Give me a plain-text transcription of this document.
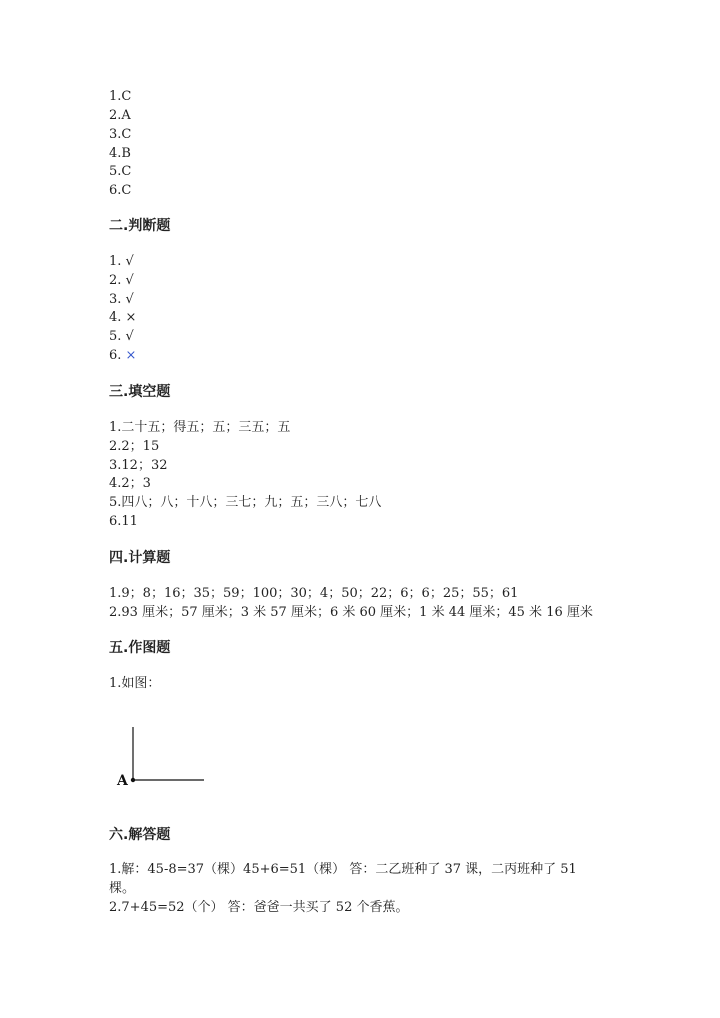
1.C
2.A
3.C
4.B
5.C
6.C
二.判断题
1. √
2. √
3. √
4. ×
5. √
6. ×
三.填空题
1.二十五；得五；五；三五；五
2.2；15
3.12；32
4.2；3
5.四八；八；十八；三七；九；五；三八；七八
6.11
四.计算题
1.9；8；16；35；59；100；30；4；50；22；6；6；25；55；61
2.93 厘米；57 厘米；3 米 57 厘米；6 米 60 厘米；1 米 44 厘米；45 米 16 厘米
五.作图题
1.如图：
A
六.解答题
1.解：45-8=37（棵）45+6=51（棵） 答：二乙班种了 37 课，二丙班种了 51
棵。
2.7+45=52（个） 答：爸爸一共买了 52 个香蕉。
